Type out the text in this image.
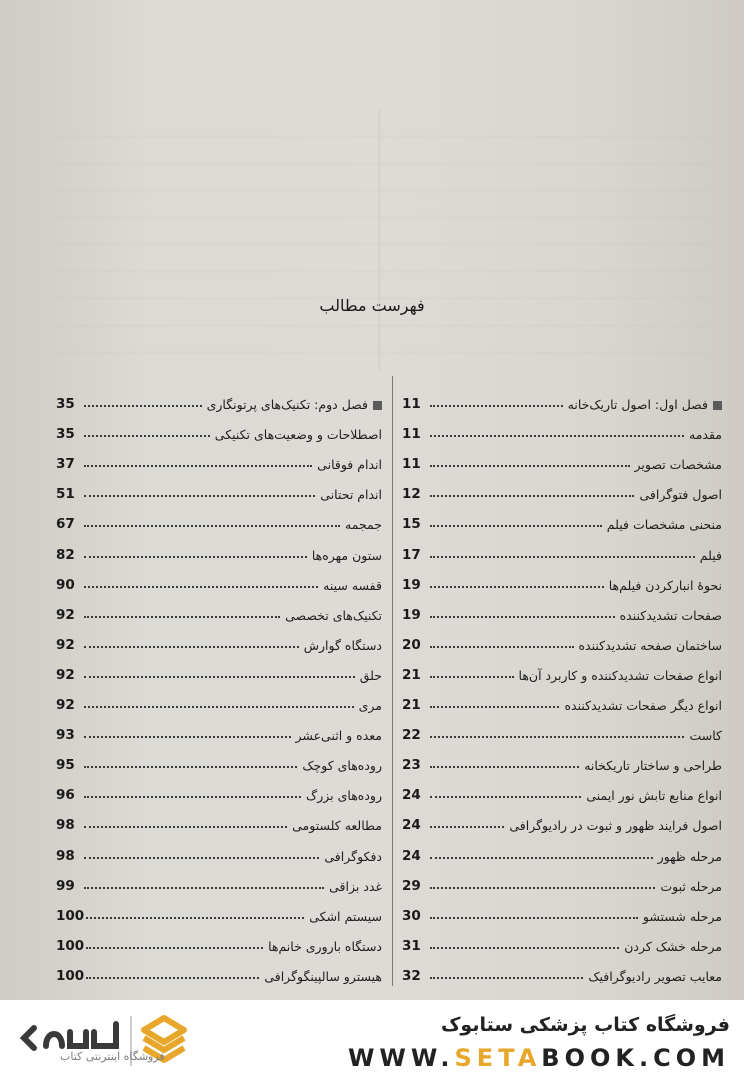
فهرست مطالب
فصل اول: اصول تاریک‌خانه
11
مقدمه
11
مشخصات تصویر
11
اصول فتوگرافی
12
منحنی مشخصات فیلم
15
فیلم
17
نحوهٔ انبارکردن فیلم‌ها
19
صفحات تشدیدکننده
19
ساختمان صفحه تشدیدکننده
20
انواع صفحات تشدیدکننده و کاربرد آن‌ها
21
انواع دیگر صفحات تشدیدکننده
21
کاست
22
طراحی و ساختار تاریکخانه
23
انواع منابع تابش نور ایمنی
24
اصول فرایند ظهور و ثبوت در رادیوگرافی
24
مرحله ظهور
24
مرحله ثبوت
29
مرحله شستشو
30
مرحله خشک کردن
31
معایب تصویر رادیوگرافیک
32
فصل دوم: تکنیک‌های پرتونگاری
35
اصطلاحات و وضعیت‌های تکنیکی
35
اندام فوقانی
37
اندام تحتانی
51
جمجمه
67
ستون مهره‌ها
82
قفسه سینه
90
تکنیک‌های تخصصی
92
دستگاه گوارش
92
حلق
92
مری
92
معده و اثنی‌عشر
93
روده‌های کوچک
95
روده‌های بزرگ
96
مطالعه کلستومی
98
دفکوگرافی
98
غدد بزاقی
99
سیستم اشکی
100
دستگاه باروری خانم‌ها
100
هیسترو سالپینگوگرافی
100
فروشگاه اینترنتی کتاب
فروشگاه کتاب پزشکی ستابوک
WWW.SETABOOK.COM
